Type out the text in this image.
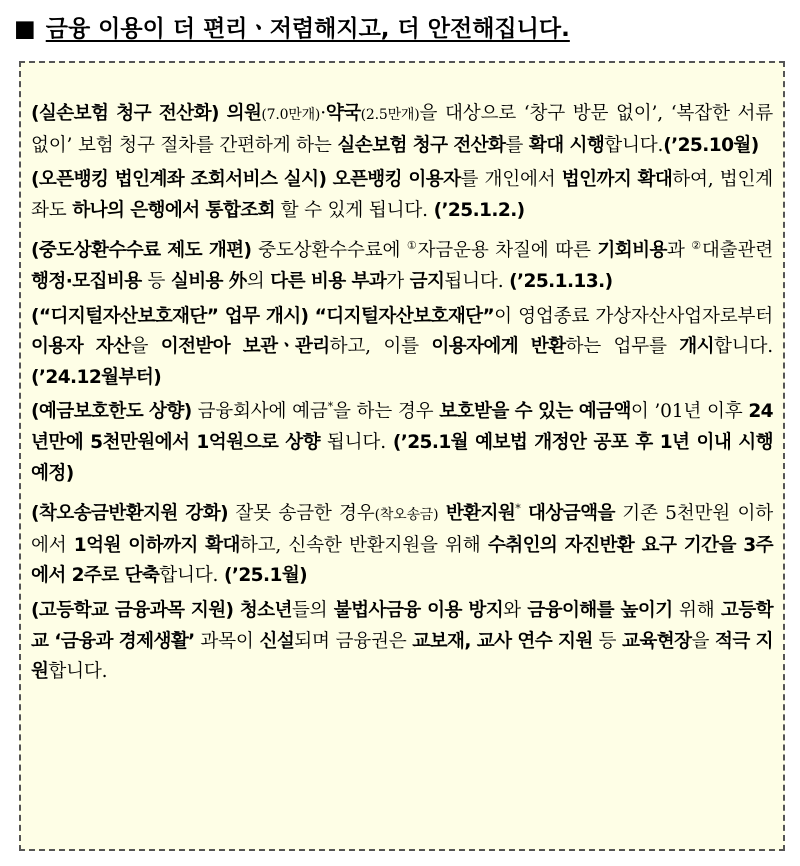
■ 금융 이용이 더 편리ㆍ저렴해지고, 더 안전해집니다.
(실손보험 청구 전산화) 의원(7.0만개)·약국(2.5만개)을 대상으로 ‘창구 방문 없이’, ‘복잡한 서류 없이’ 보험 청구 절차를 간편하게 하는 실손보험 청구 전산화를 확대 시행합니다.(’25.10월)
(오픈뱅킹 법인계좌 조회서비스 실시) 오픈뱅킹 이용자를 개인에서 법인까지 확대하여, 법인계좌도 하나의 은행에서 통합조회 할 수 있게 됩니다. (’25.1.2.)
(중도상환수수료 제도 개편) 중도상환수수료에 ①자금운용 차질에 따른 기회비용과 ②대출관련 행정·모집비용 등 실비용 外의 다른 비용 부과가 금지됩니다. (’25.1.13.)
(“디지털자산보호재단” 업무 개시) “디지털자산보호재단”이 영업종료 가상자산사업자로부터 이용자 자산을 이전받아 보관ㆍ관리하고, 이를 이용자에게 반환하는 업무를 개시합니다.(’24.12월부터)
(예금보호한도 상향) 금융회사에 예금*을 하는 경우 보호받을 수 있는 예금액이 ’01년 이후 24년만에 5천만원에서 1억원으로 상향 됩니다. (’25.1월 예보법 개정안 공포 후 1년 이내 시행 예정)
(착오송금반환지원 강화) 잘못 송금한 경우(착오송금) 반환지원* 대상금액을 기존 5천만원 이하에서 1억원 이하까지 확대하고, 신속한 반환지원을 위해 수취인의 자진반환 요구 기간을 3주에서 2주로 단축합니다. (’25.1월)
(고등학교 금융과목 지원) 청소년들의 불법사금융 이용 방지와 금융이해를 높이기 위해 고등학교 ‘금융과 경제생활’ 과목이 신설되며 금융권은 교보재, 교사 연수 지원 등 교육현장을 적극 지원합니다.
